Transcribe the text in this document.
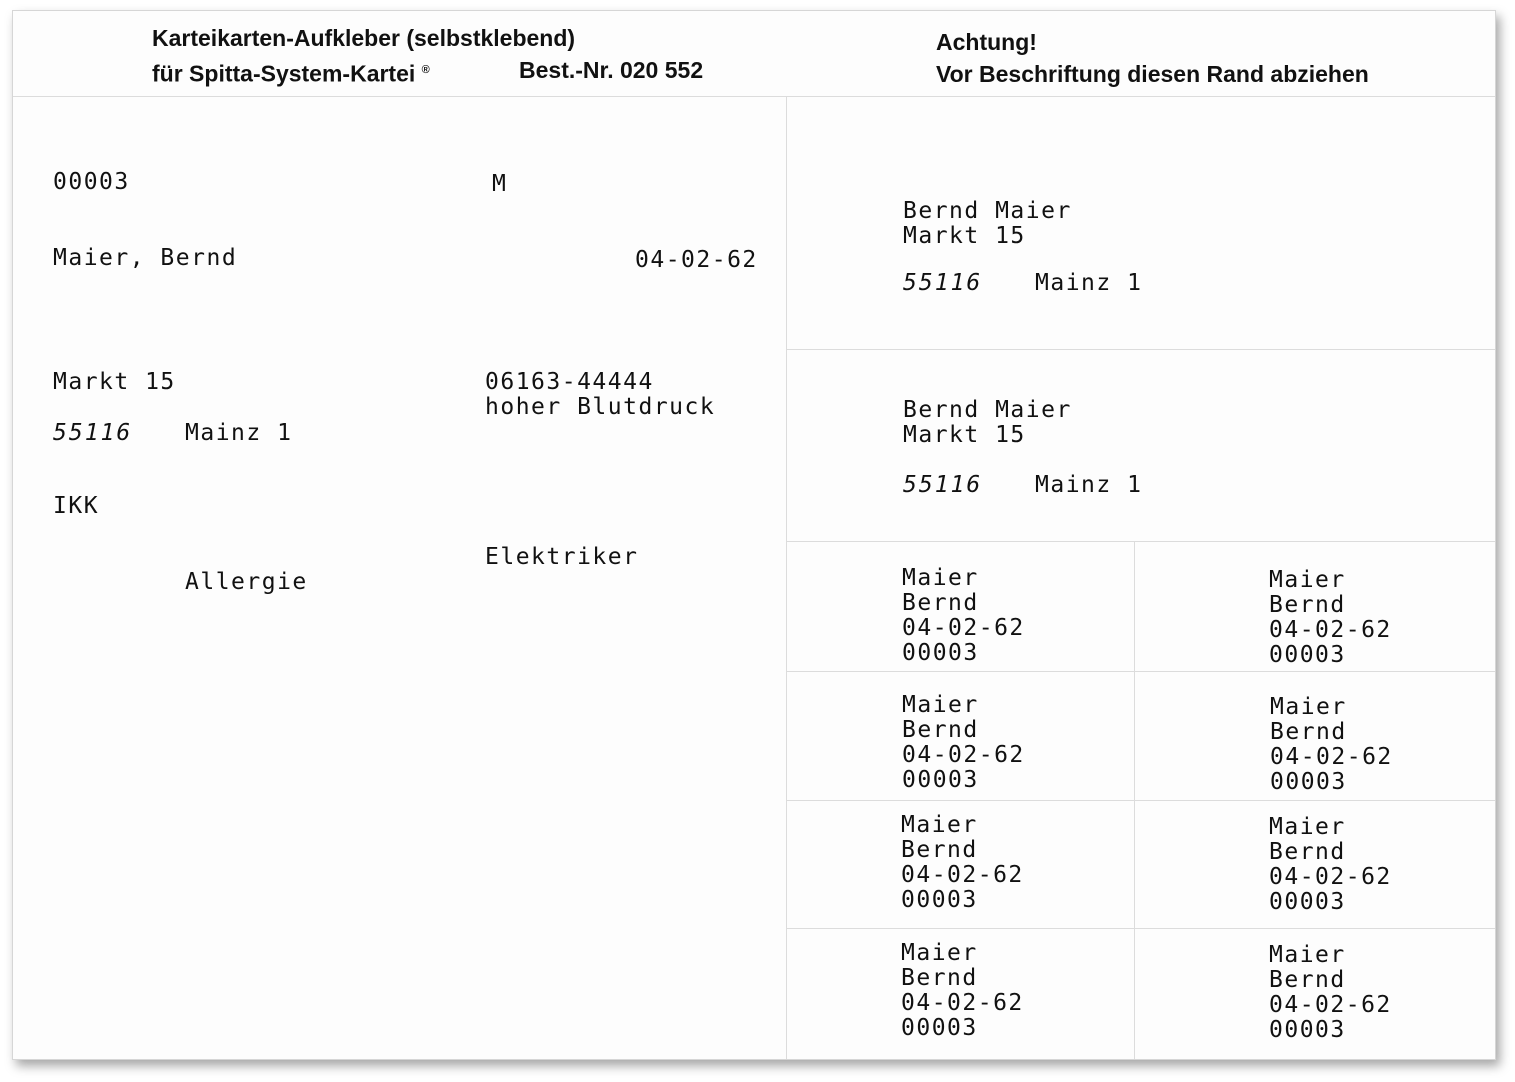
Karteikarten-Aufkleber (selbstklebend)
für Spitta-System-Kartei ®	Best.-Nr. 020 552
Achtung!
Vor Beschriftung diesen Rand abziehen
00003	M
Maier, Bernd	04-02-62
Markt 15	06163-44444
hoher Blutdruck
55116 Mainz 1
IKK
Elektriker
Allergie
Bernd Maier
Markt 15
55116 Mainz 1
Bernd Maier
Markt 15
55116 Mainz 1
Maier
Bernd
04-02-62
00003
Maier
Bernd
04-02-62
00003
Maier
Bernd
04-02-62
00003
Maier
Bernd
04-02-62
00003
Maier
Bernd
04-02-62
00003
Maier
Bernd
04-02-62
00003
Maier
Bernd
04-02-62
00003
Maier
Bernd
04-02-62
00003
